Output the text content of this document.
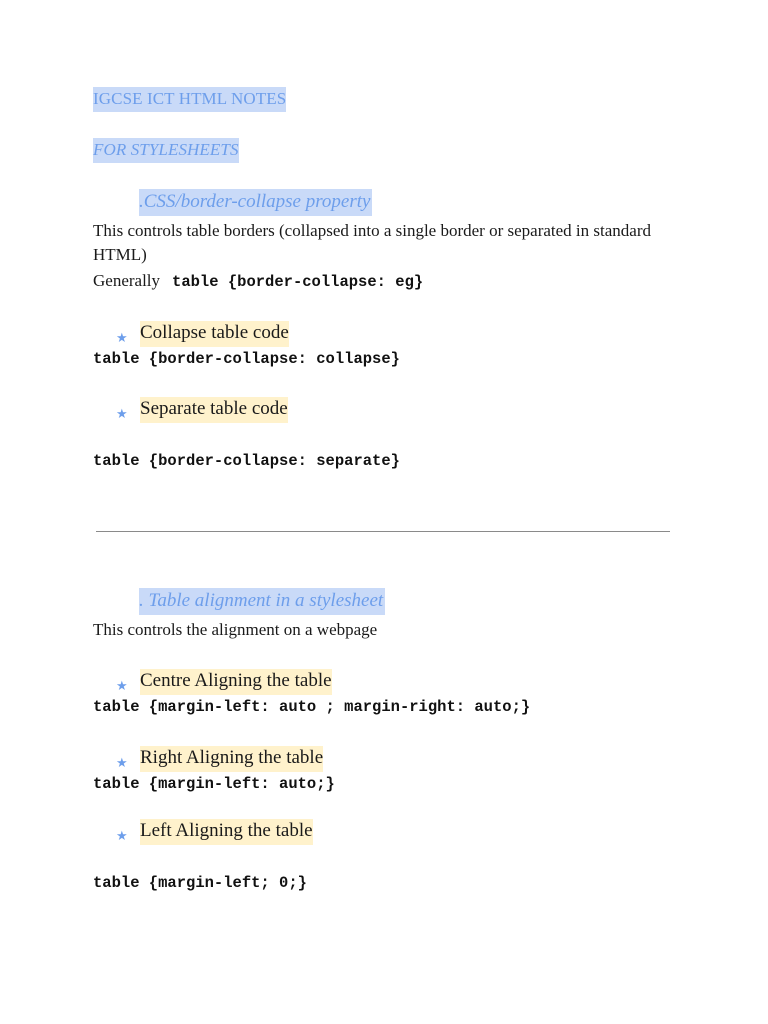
IGCSE ICT HTML NOTES
FOR STYLESHEETS
.CSS/border-collapse property
This controls table borders (collapsed into a single border or separated in standard
HTML)
Generally table {border-collapse: eg}
★ Collapse table code
table {border-collapse: collapse}
★ Separate table code
table {border-collapse: separate}
. Table alignment in a stylesheet
This controls the alignment on a webpage
★ Centre Aligning the table
table {margin-left: auto ; margin-right: auto;}
★ Right Aligning the table
table {margin-left: auto;}
★ Left Aligning the table
table {margin-left; 0;}
